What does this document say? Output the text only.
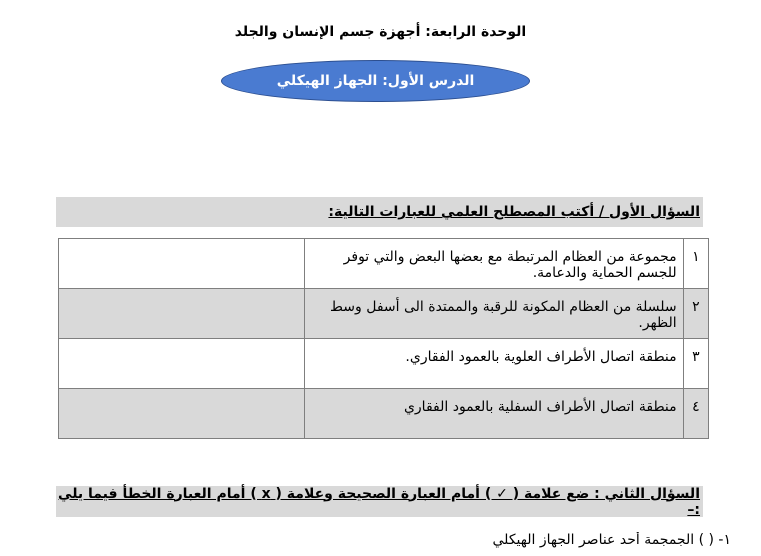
الوحدة الرابعة: أجهزة جسم الإنسان والجلد
الدرس الأول: الجهاز الهيكلي
السؤال الأول / أكتب المصطلح العلمي للعبارات التالية:
١	مجموعة من العظام المرتبطة مع بعضها البعض والتي توفر للجسم الحماية والدعامة.	
٢	سلسلة من العظام المكونة للرقبة والممتدة الى أسفل وسط الظهر.	
٣	منطقة اتصال الأطراف العلوية بالعمود الفقاري.	
٤	منطقة اتصال الأطراف السفلية بالعمود الفقاري	
السؤال الثاني : ضع علامة ( ✓ ) أمام العبارة الصحيحة وعلامة ( x ) أمام العبارة الخطأ فيما يلي :–
١- ( ) الجمجمة أحد عناصر الجهاز الهيكلي
